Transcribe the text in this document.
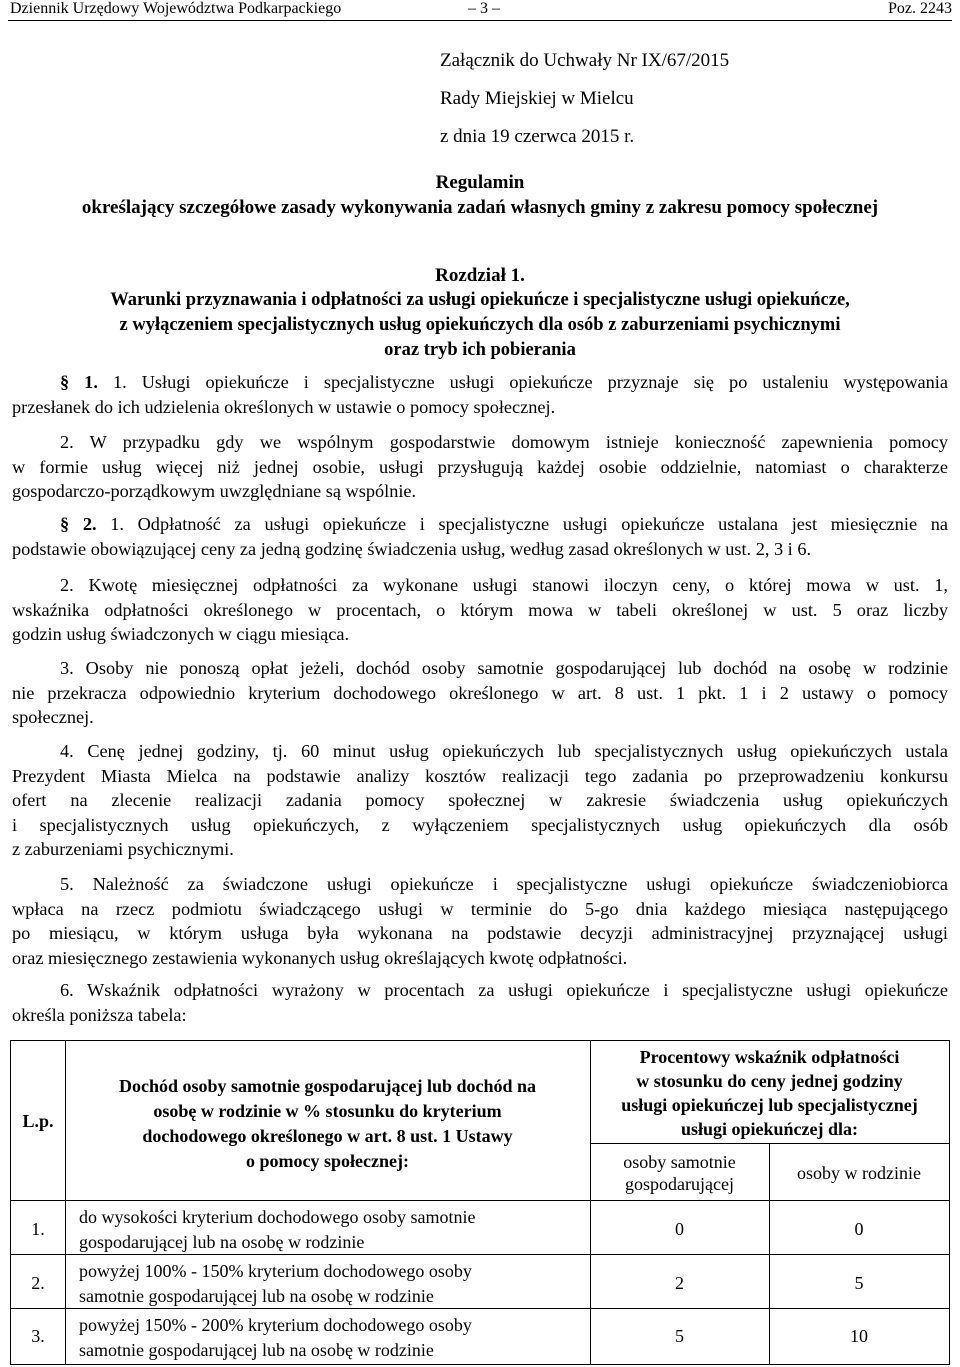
Dziennik Urzędowy Województwa Podkarpackiego	– 3 –	Poz. 2243
Załącznik do Uchwały Nr IX/67/2015
Rady Miejskiej w Mielcu
z dnia 19 czerwca 2015 r.
Regulamin
określający szczegółowe zasady wykonywania zadań własnych gminy z zakresu pomocy społecznej
Rozdział 1.
Warunki przyznawania i odpłatności za usługi opiekuńcze i specjalistyczne usługi opiekuńcze,
z wyłączeniem specjalistycznych usług opiekuńczych dla osób z zaburzeniami psychicznymi
oraz tryb ich pobierania
§ 1. 1. Usługi opiekuńcze i specjalistyczne usługi opiekuńcze przyznaje się po ustaleniu występowania
przesłanek do ich udzielenia określonych w ustawie o pomocy społecznej.
2. W przypadku gdy we wspólnym gospodarstwie domowym istnieje konieczność zapewnienia pomocy
w formie usług więcej niż jednej osobie, usługi przysługują każdej osobie oddzielnie, natomiast o charakterze
gospodarczo-porządkowym uwzględniane są wspólnie.
§ 2. 1. Odpłatność za usługi opiekuńcze i specjalistyczne usługi opiekuńcze ustalana jest miesięcznie na
podstawie obowiązującej ceny za jedną godzinę świadczenia usług, według zasad określonych w ust. 2, 3 i 6.
2. Kwotę miesięcznej odpłatności za wykonane usługi stanowi iloczyn ceny, o której mowa w ust. 1,
wskaźnika odpłatności określonego w procentach, o którym mowa w tabeli określonej w ust. 5 oraz liczby
godzin usług świadczonych w ciągu miesiąca.
3. Osoby nie ponoszą opłat jeżeli, dochód osoby samotnie gospodarującej lub dochód na osobę w rodzinie
nie przekracza odpowiednio kryterium dochodowego określonego w art. 8 ust. 1 pkt. 1 i 2 ustawy o pomocy
społecznej.
4. Cenę jednej godziny, tj. 60 minut usług opiekuńczych lub specjalistycznych usług opiekuńczych ustala
Prezydent Miasta Mielca na podstawie analizy kosztów realizacji tego zadania po przeprowadzeniu konkursu
ofert na zlecenie realizacji zadania pomocy społecznej w zakresie świadczenia usług opiekuńczych
i specjalistycznych usług opiekuńczych, z wyłączeniem specjalistycznych usług opiekuńczych dla osób
z zaburzeniami psychicznymi.
5. Należność za świadczone usługi opiekuńcze i specjalistyczne usługi opiekuńcze świadczeniobiorca
wpłaca na rzecz podmiotu świadczącego usługi w terminie do 5-go dnia każdego miesiąca następującego
po miesiącu, w którym usługa była wykonana na podstawie decyzji administracyjnej przyznającej usługi
oraz miesięcznego zestawienia wykonanych usług określających kwotę odpłatności.
6. Wskaźnik odpłatności wyrażony w procentach za usługi opiekuńcze i specjalistyczne usługi opiekuńcze
określa poniższa tabela:
L.p.
Dochód osoby samotnie gospodarującej lub dochód na
osobę w rodzinie w % stosunku do kryterium
dochodowego określonego w art. 8 ust. 1 Ustawy
o pomocy społecznej:
Procentowy wskaźnik odpłatności
w stosunku do ceny jednej godziny
usługi opiekuńczej lub specjalistycznej
usługi opiekuńczej dla:
osoby samotnie
gospodarującej
osoby w rodzinie
1.
do wysokości kryterium dochodowego osoby samotnie
gospodarującej lub na osobę w rodzinie
0	0
2.
powyżej 100% - 150% kryterium dochodowego osoby
samotnie gospodarującej lub na osobę w rodzinie
2	5
3.
powyżej 150% - 200% kryterium dochodowego osoby
samotnie gospodarującej lub na osobę w rodzinie
5	10
